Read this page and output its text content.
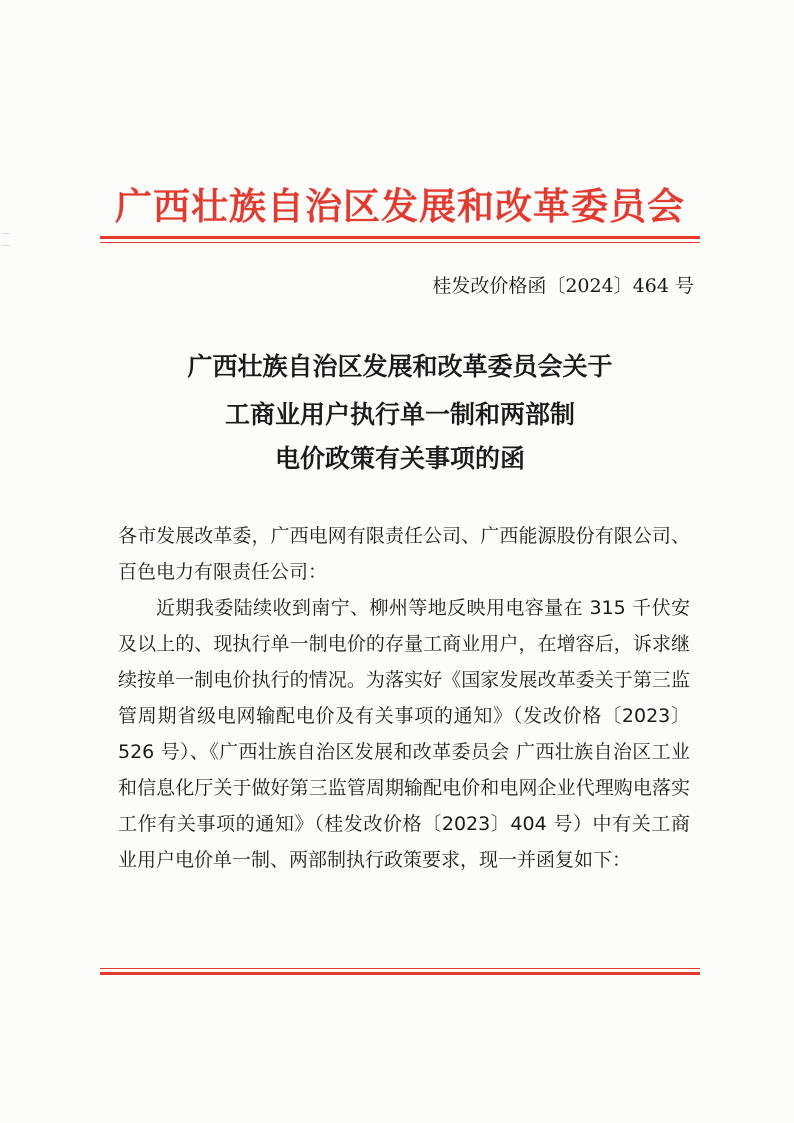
广西壮族自治区发展和改革委员会
桂发改价格函〔2024〕464 号
广西壮族自治区发展和改革委员会关于
工商业用户执行单一制和两部制
电价政策有关事项的函

各市发展改革委，广西电网有限责任公司、广西能源股份有限公司、百色电力有限责任公司：

近期我委陆续收到南宁、柳州等地反映用电容量在 315 千伏安及以上的、现执行单一制电价的存量工商业用户，在增容后，诉求继续按单一制电价执行的情况。为落实好《国家发展改革委关于第三监管周期省级电网输配电价及有关事项的通知》（发改价格〔2023〕526 号）、《广西壮族自治区发展和改革委员会 广西壮族自治区工业和信息化厅关于做好第三监管周期输配电价和电网企业代理购电落实工作有关事项的通知》（桂发改价格〔2023〕404 号）中有关工商业用户电价单一制、两部制执行政策要求，现一并函复如下：
